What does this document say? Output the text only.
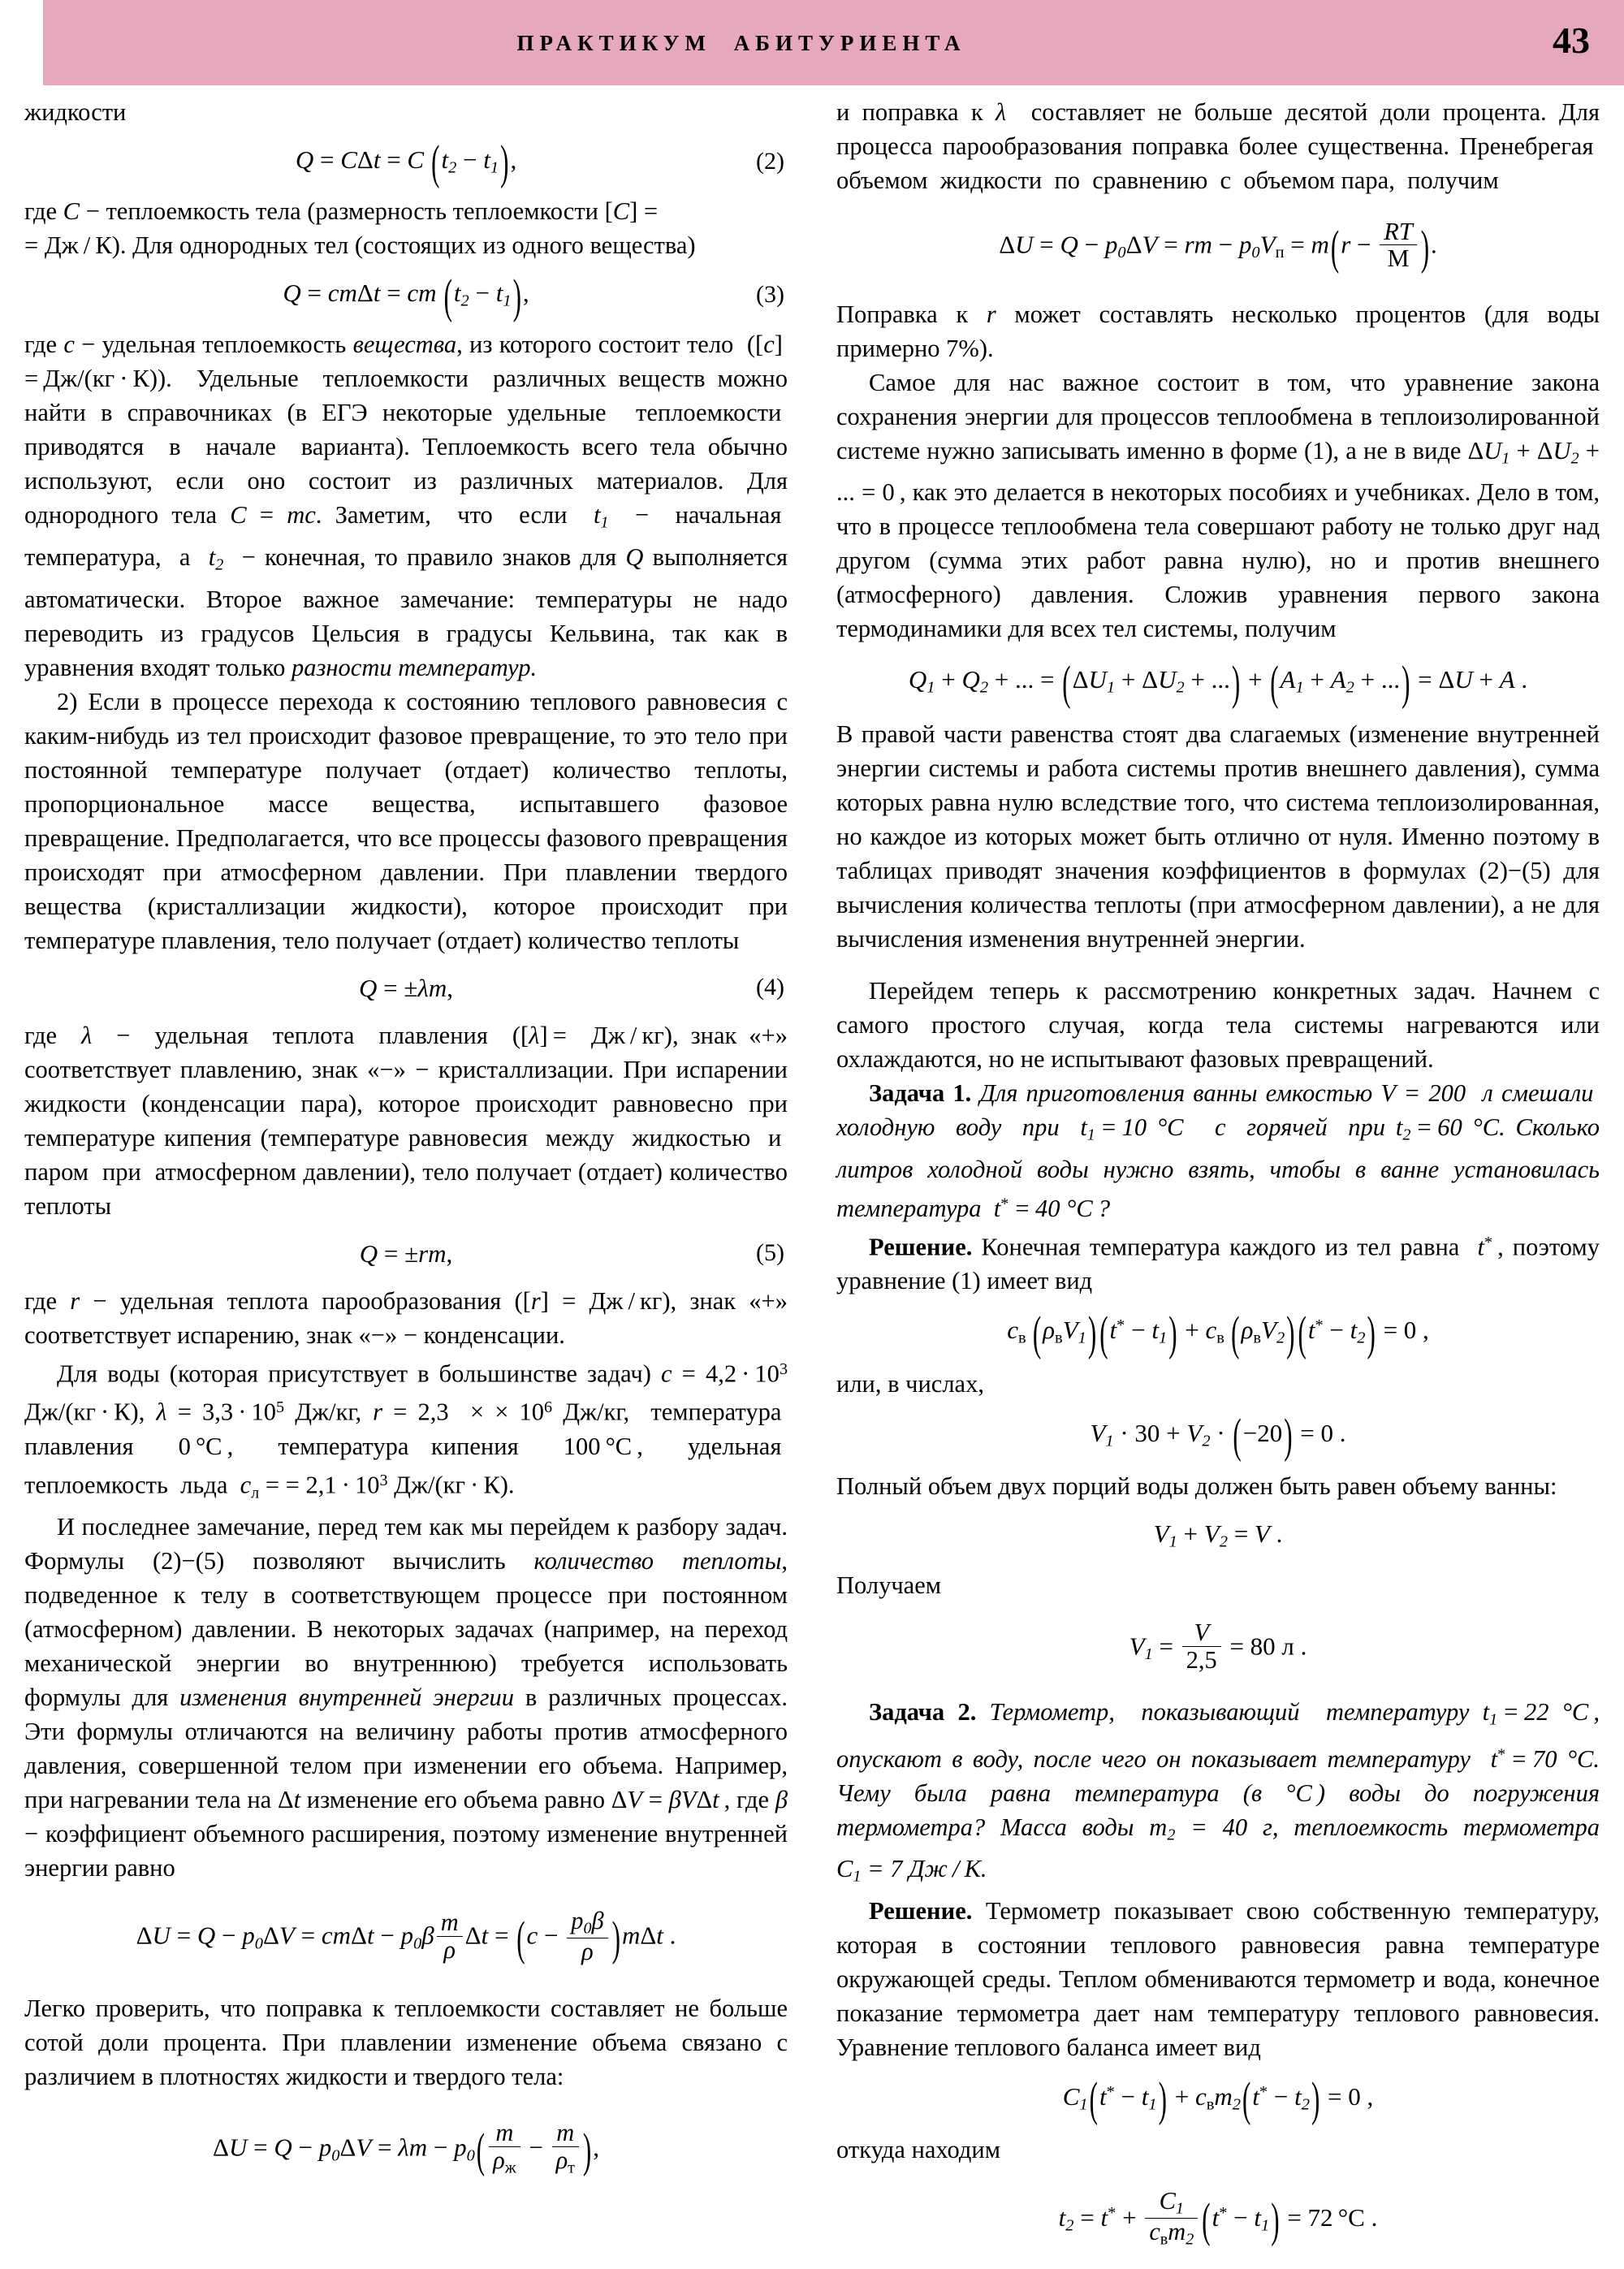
ПРАКТИКУМ АБИТУРИЕНТА	43

жидкости

Q = CΔt = C $(t_2 - t_1)$,	(2)

где C − теплоемкость тела (размерность теплоемкости [C] =
= Дж / К). Для однородных тел (состоящих из одного вещества)

Q = cmΔt = cm $(t_2 - t_1)$,	(3)

где c − удельная теплоемкость вещества, из которого состоит тело  ([c] = Дж/(кг · К)).  Удельные  теплоемкости  различных веществ можно найти в справочниках (в ЕГЭ некоторые удельные  теплоемкости  приводятся  в  начале  варианта). Теплоемкость всего тела обычно используют, если оно состоит из различных материалов. Для однородного тела C = mc. Заметим,  что  если  $t_1$  −  начальная  температура,  а  $t_2$  − конечная, то правило знаков для Q выполняется автоматически. Второе важное замечание: температуры не надо переводить из градусов Цельсия в градусы Кельвина, так как в уравнения входят только разности температур.

2) Если в процессе перехода к состоянию теплового равновесия с каким-нибудь из тел происходит фазовое превращение, то это тело при постоянной температуре получает (отдает) количество теплоты, пропорциональное массе вещества, испытавшего фазовое превращение. Предполагается, что все процессы фазового превращения происходят при атмосферном давлении. При плавлении твердого вещества (кристаллизации жидкости), которое происходит при температуре плавления, тело получает (отдает) количество теплоты

Q = ±λm,	(4)

где  λ  −  удельная  теплота  плавления  ([λ] =  Дж / кг), знак «+» соответствует плавлению, знак «−» − кристаллизации. При испарении жидкости (конденсации пара), которое происходит равновесно при температуре кипения (температуре равновесия  между  жидкостью  и  паром  при  атмосферном давлении), тело получает (отдает) количество теплоты

Q = ±rm,	(5)

где r − удельная теплота парообразования ([r] = Дж / кг), знак «+» соответствует испарению, знак «−» − конденсации.

Для воды (которая присутствует в большинстве задач) $c = 4,2 \cdot 10^3$ Дж/(кг · К), $\lambda = 3,3 \cdot 10^5$ Дж/кг, r = 2,3  × × $10^6$ Дж/кг,  температура  плавления  0 °C ,  температура кипения  100 °C ,  удельная  теплоемкость  льда  $c_л$ = = $2,1 \cdot 10^3$ Дж/(кг · К).

И последнее замечание, перед тем как мы перейдем к разбору задач. Формулы (2)−(5) позволяют вычислить количество теплоты, подведенное к телу в соответствующем процессе при постоянном (атмосферном) давлении. В некоторых задачах (например, на переход механической энергии во внутреннюю) требуется использовать формулы для изменения внутренней энергии в различных процессах. Эти формулы отличаются на величину работы против атмосферного давления, совершенной телом при изменении его объема. Например, при нагревании тела на Δt изменение его объема равно ΔV = βVΔt , где β − коэффициент объемного расширения, поэтому изменение внутренней энергии равно

$\Delta U = Q - p_0\Delta V = cm\Delta t - p_0\beta \frac{m}{\rho}$ $\Delta t = (c - \frac{p_0\beta}{\rho} )m\Delta t$ .

Легко проверить, что поправка к теплоемкости составляет не больше сотой доли процента. При плавлении изменение объема связано с различием в плотностях жидкости и твердого тела:

$\Delta U = Q - p_0\Delta V = \lambda m - p_0( \frac{m}{\rho_ж} - \frac{m}{\rho_т}$ ),

и поправка к λ  составляет не больше десятой доли процента. Для процесса парообразования поправка более существенна. Пренебрегая  объемом  жидкости  по  сравнению  с  объемом пара,  получим

$\Delta U = Q - p_0\Delta V$ = rm − $p_0V_п = m(r - \frac{RT}{M}$ ).

Поправка к r может составлять несколько процентов (для воды примерно 7%).

Самое для нас важное состоит в том, что уравнение закона сохранения энергии для процессов теплообмена в теплоизолированной системе нужно записывать именно в форме (1), а не в виде $\Delta U_1 + \Delta U_2$ + ... = 0 , как это делается в некоторых пособиях и учебниках. Дело в том, что в процессе теплообмена тела совершают работу не только друг над другом (сумма этих работ равна нулю), но и против внешнего (атмосферного) давления. Сложив уравнения первого закона термодинамики для всех тел системы, получим

$Q_1 + Q_2$ + ... = ($\Delta U_1 + \Delta U_2$ + ...) + ($A_1 + A_2$ + ...) = ΔU + A .

В правой части равенства стоят два слагаемых (изменение внутренней энергии системы и работа системы против внешнего давления), сумма которых равна нулю вследствие того, что система теплоизолированная, но каждое из которых может быть отлично от нуля. Именно поэтому в таблицах приводят значения коэффициентов в формулах (2)−(5) для вычисления количества теплоты (при атмосферном давлении), а не для вычисления изменения внутренней энергии.

Перейдем теперь к рассмотрению конкретных задач. Начнем с самого простого случая, когда тела системы нагреваются или охлаждаются, но не испытывают фазовых превращений.

Задача 1. Для приготовления ванны емкостью V = 200  л смешали  холодную  воду  при  $t_1 = 10$ °C   с  горячей  при $t_2 = 60$ °C. Сколько литров холодной воды нужно взять, чтобы в ванне установилась температура  t* = 40 °C ?

Решение. Конечная температура каждого из тел равна  t* , поэтому уравнение (1) имеет вид

$c_в$  $(\rho_вV_1) (t^* - t_1) + c_в$  $(\rho_вV_2) (t^* - t_2) = 0$ ,

или, в числах,

$V_1 \cdot 30 + V_2 \cdot (-20) = 0$ .

Полный объем двух порций воды должен быть равен объему ванны:

$V_1 + V_2 = V$ .

Получаем

$V_1 = \frac{V}{2,5} = 80$ л .

Задача 2. Термометр,  показывающий  температуру $t_1 = 22$ °C , опускают в воду, после чего он показывает температуру  t* = 70 °C. Чему была равна температура (в °C ) воды до погружения термометра? Масса воды $m_2 = 40$ г, теплоемкость термометра $C_1 = 7$ Дж / К.

Решение. Термометр показывает свою собственную температуру, которая в состоянии теплового равновесия равна температуре окружающей среды. Теплом обмениваются термометр и вода, конечное показание термометра дает нам температуру теплового равновесия. Уравнение теплового баланса имеет вид

$C_1(t^* - t_1) + c_вm_2(t^* - t_2) = 0$ ,

откуда находим

$t_2 = t^* + \frac{C_1}{c_вm_2} (t^* - t_1) = 72$ °C .
